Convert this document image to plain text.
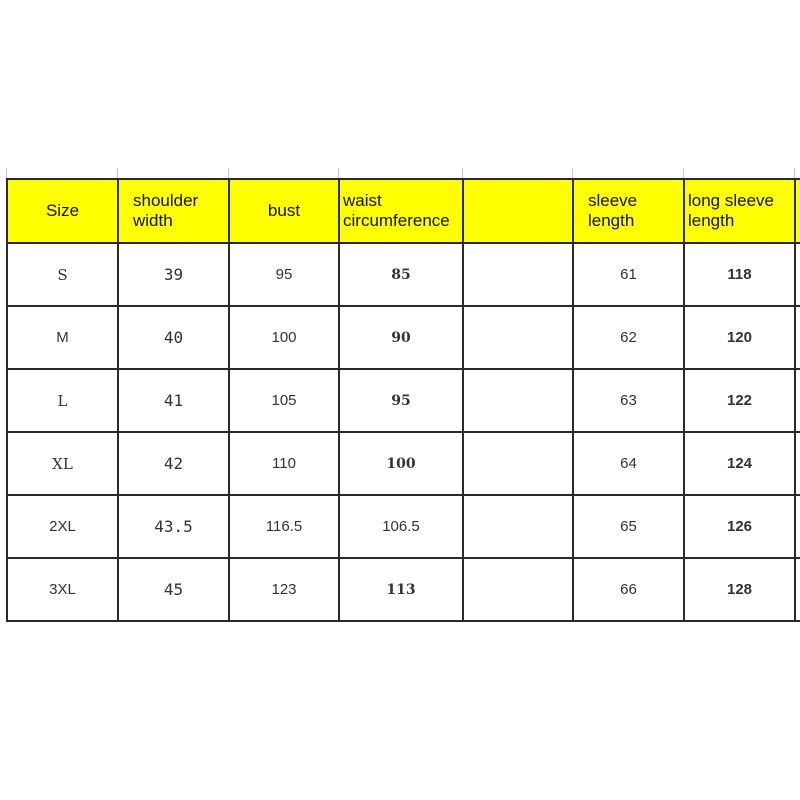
Size	shoulder width	bust	waist circumference		sleeve length	long sleeve length	
S	39	95	85		61	118	
M	40	100	90		62	120	
L	41	105	95		63	122	
XL	42	110	100		64	124	
2XL	43.5	116.5	106.5		65	126	
3XL	45	123	113		66	128	
